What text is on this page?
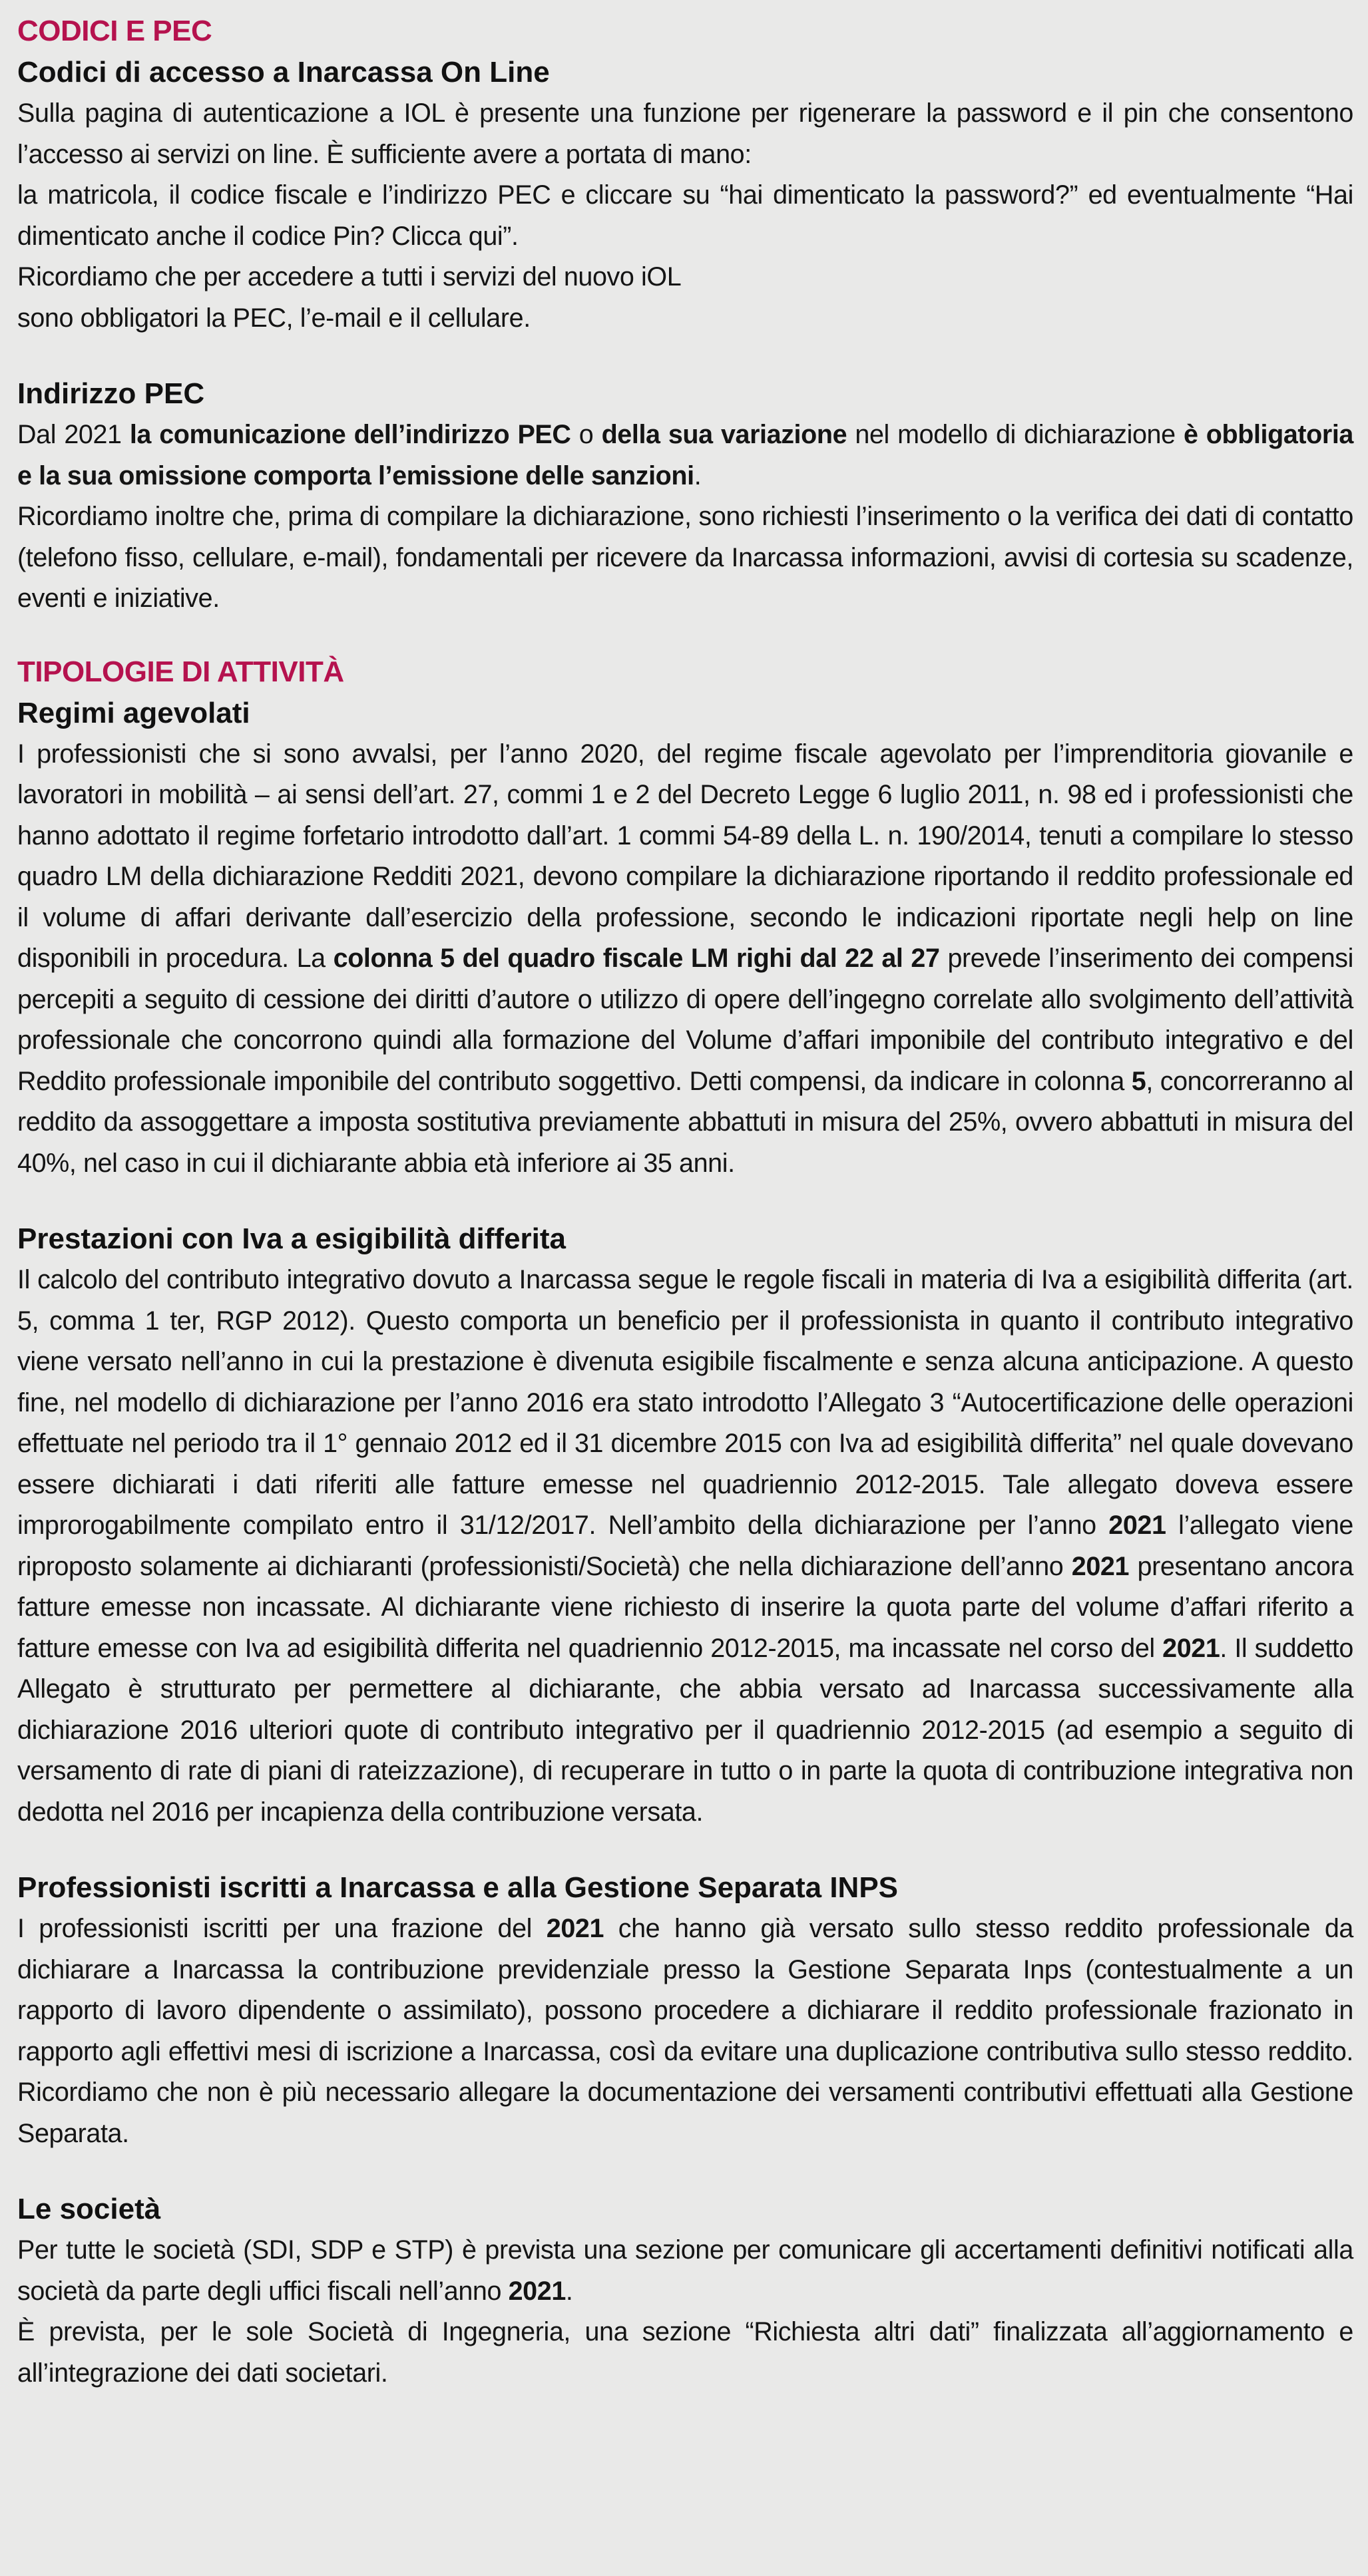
CODICI E PEC
Codici di accesso a Inarcassa On Line

Sulla pagina di autenticazione a IOL è presente una funzione per rigenerare la password e il pin che consentono l’accesso ai servizi on line. È sufficiente avere a portata di mano:

la matricola, il codice fiscale e l’indirizzo PEC e cliccare su “hai dimenticato la password?” ed eventualmente “Hai dimenticato anche il codice Pin? Clicca qui”.

Ricordiamo che per accedere a tutti i servizi del nuovo iOL

sono obbligatori la PEC, l’e-mail e il cellulare.

Indirizzo PEC

Dal 2021 la comunicazione dell’indirizzo PEC o della sua variazione nel modello di dichiarazione è obbligatoria e la sua omissione comporta l’emissione delle sanzioni.

Ricordiamo inoltre che, prima di compilare la dichiarazione, sono richiesti l’inserimento o la verifica dei dati di contatto (telefono fisso, cellulare, e-mail), fondamentali per ricevere da Inarcassa informazioni, avvisi di cortesia su scadenze, eventi e iniziative.

TIPOLOGIE DI ATTIVITÀ
Regimi agevolati

I professionisti che si sono avvalsi, per l’anno 2020, del regime fiscale agevolato per l’imprenditoria giovanile e lavoratori in mobilità – ai sensi dell’art. 27, commi 1 e 2 del Decreto Legge 6 luglio 2011, n. 98 ed i professionisti che hanno adottato il regime forfetario introdotto dall’art. 1 commi 54-89 della L. n. 190/2014, tenuti a compilare lo stesso quadro LM della dichiarazione Redditi 2021, devono compilare la dichiarazione riportando il reddito professionale ed il volume di affari derivante dall’esercizio della professione, secondo le indicazioni riportate negli help on line disponibili in procedura. La colonna 5 del quadro fiscale LM righi dal 22 al 27 prevede l’inserimento dei compensi percepiti a seguito di cessione dei diritti d’autore o utilizzo di opere dell’ingegno correlate allo svolgimento dell’attività professionale che concorrono quindi alla formazione del Volume d’affari imponibile del contributo integrativo e del Reddito professionale imponibile del contributo soggettivo. Detti compensi, da indicare in colonna 5, concorreranno al reddito da assoggettare a imposta sostitutiva previamente abbattuti in misura del 25%, ovvero abbattuti in misura del 40%, nel caso in cui il dichiarante abbia età inferiore ai 35 anni.

Prestazioni con Iva a esigibilità differita

Il calcolo del contributo integrativo dovuto a Inarcassa segue le regole fiscali in materia di Iva a esigibilità differita (art. 5, comma 1 ter, RGP 2012). Questo comporta un beneficio per il professionista in quanto il contributo integrativo viene versato nell’anno in cui la prestazione è divenuta esigibile fiscalmente e senza alcuna anticipazione. A questo fine, nel modello di dichiarazione per l’anno 2016 era stato introdotto l’Allegato 3 “Autocertificazione delle operazioni effettuate nel periodo tra il 1° gennaio 2012 ed il 31 dicembre 2015 con Iva ad esigibilità differita” nel quale dovevano essere dichiarati i dati riferiti alle fatture emesse nel quadriennio 2012-2015. Tale allegato doveva essere improrogabilmente compilato entro il 31/12/2017. Nell’ambito della dichiarazione per l’anno 2021 l’allegato viene riproposto solamente ai dichiaranti (professionisti/Società) che nella dichiarazione dell’anno 2021 presentano ancora fatture emesse non incassate. Al dichiarante viene richiesto di inserire la quota parte del volume d’affari riferito a fatture emesse con Iva ad esigibilità differita nel quadriennio 2012-2015, ma incassate nel corso del 2021. Il suddetto Allegato è strutturato per permettere al dichiarante, che abbia versato ad Inarcassa successivamente alla dichiarazione 2016 ulteriori quote di contributo integrativo per il quadriennio 2012-2015 (ad esempio a seguito di versamento di rate di piani di rateizzazione), di recuperare in tutto o in parte la quota di contribuzione integrativa non dedotta nel 2016 per incapienza della contribuzione versata.

Professionisti iscritti a Inarcassa e alla Gestione Separata INPS

I professionisti iscritti per una frazione del 2021 che hanno già versato sullo stesso reddito professionale da dichiarare a Inarcassa la contribuzione previdenziale presso la Gestione Separata Inps (contestualmente a un rapporto di lavoro dipendente o assimilato), possono procedere a dichiarare il reddito professionale frazionato in rapporto agli effettivi mesi di iscrizione a Inarcassa, così da evitare una duplicazione contributiva sullo stesso reddito. Ricordiamo che non è più necessario allegare la documentazione dei versamenti contributivi effettuati alla Gestione Separata.

Le società

Per tutte le società (SDI, SDP e STP) è prevista una sezione per comunicare gli accertamenti definitivi notificati alla società da parte degli uffici fiscali nell’anno 2021.

È prevista, per le sole Società di Ingegneria, una sezione “Richiesta altri dati” finalizzata all’aggiornamento e all’integrazione dei dati societari.
